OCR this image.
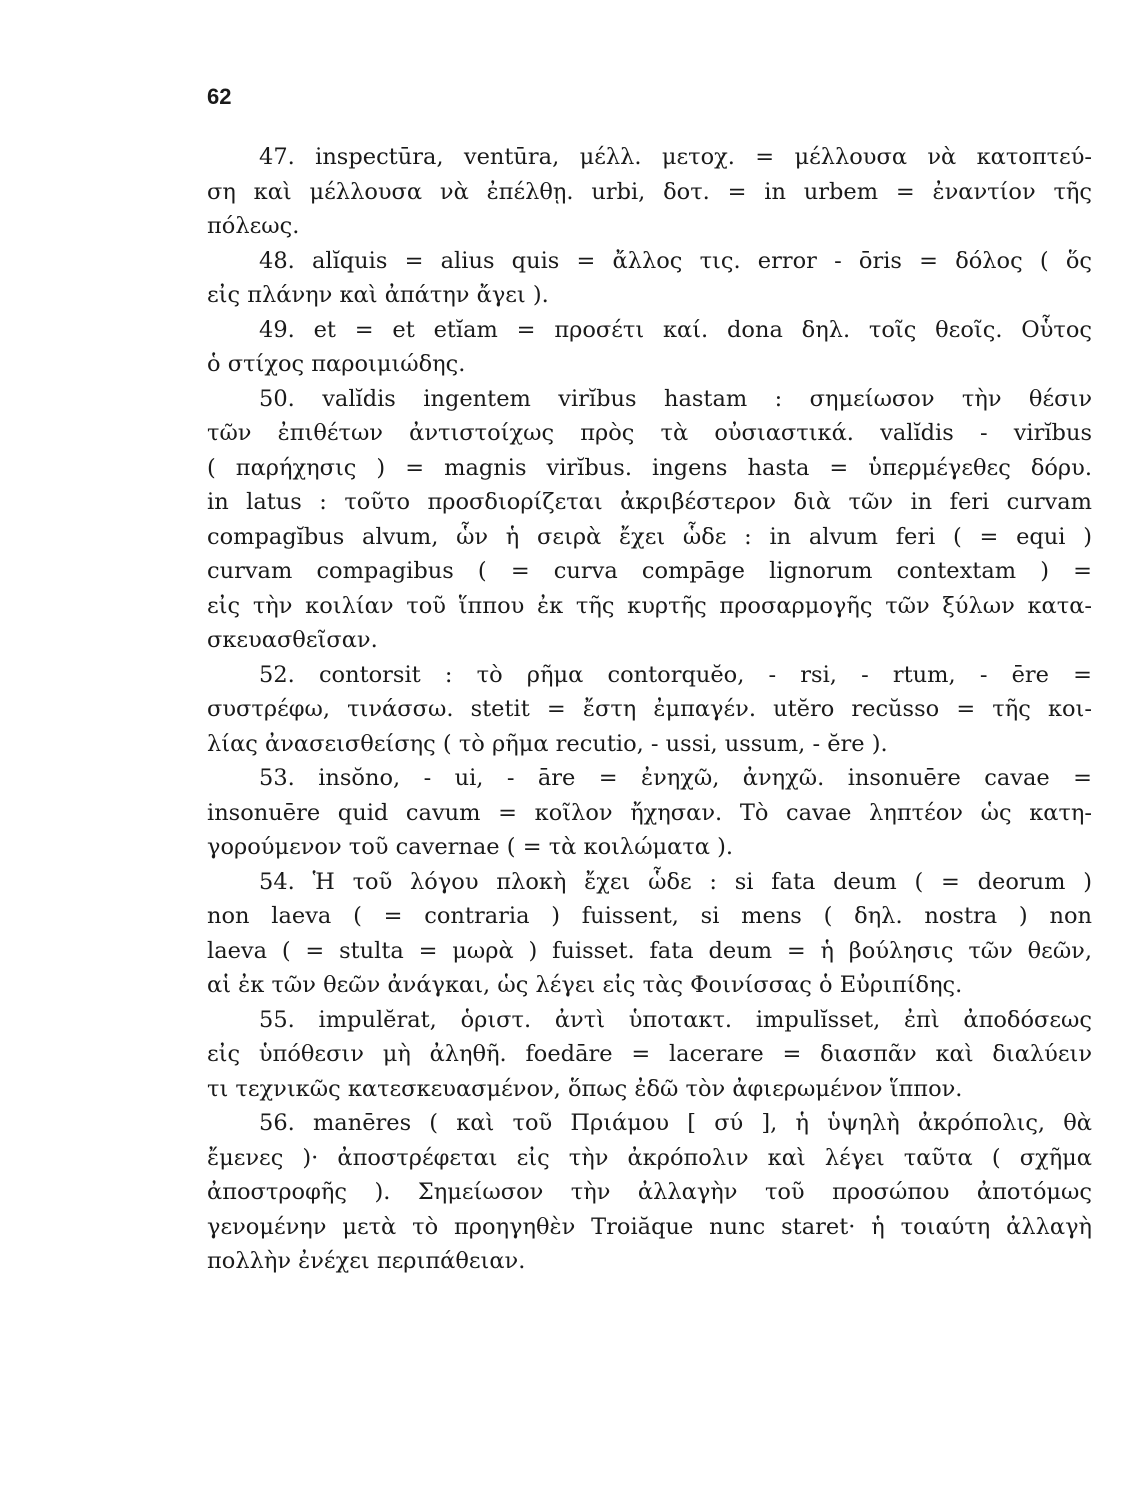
62
47. inspectūra, ventūra, μέλλ. μετοχ. = μέλλουσα νὰ κατοπτεύ-
ση καὶ μέλλουσα νὰ ἐπέλθῃ. urbi, δοτ. = in urbem = ἐναντίον τῆς
πόλεως.
48. alĭquis = alius quis = ἄλλος τις. error - ōris = δόλος ( ὅς
εἰς πλάνην καὶ ἀπάτην ἄγει ).
49. et = et etĭam = προσέτι καί. dona δηλ. τοῖς θεοῖς. Οὗτος
ὁ στίχος παροιμιώδης.
50. valĭdis ingentem virĭbus hastam : σημείωσον τὴν θέσιν
τῶν ἐπιθέτων ἀντιστοίχως πρὸς τὰ οὐσιαστικά. valĭdis - virĭbus
( παρήχησις ) = magnis virĭbus. ingens hasta = ὑπερμέγεθες δόρυ.
in latus : τοῦτο προσδιορίζεται ἀκριβέστερον διὰ τῶν in feri curvam
compagĭbus alvum, ὧν ἡ σειρὰ ἔχει ὧδε : in alvum feri ( = equi )
curvam compagibus ( = curva compāge lignorum contextam ) =
εἰς τὴν κοιλίαν τοῦ ἵππου ἐκ τῆς κυρτῆς προσαρμογῆς τῶν ξύλων κατα-
σκευασθεῖσαν.
52. contorsit : τὸ ρῆμα contorquĕo, - rsi, - rtum, - ēre =
συστρέφω, τινάσσω. stetit = ἔστη ἐμπαγέν. utĕro recŭsso = τῆς κοι-
λίας ἀνασεισθείσης ( τὸ ρῆμα recutio, - ussi, ussum, - ĕre ).
53. insŏno, - ui, - āre = ἐνηχῶ, ἀνηχῶ. insonuēre cavae =
insonuēre quid cavum = κοῖλον ἤχησαν. Τὸ cavae ληπτέον ὡς κατη-
γορούμενον τοῦ cavernae ( = τὰ κοιλώματα ).
54. Ἡ τοῦ λόγου πλοκὴ ἔχει ὧδε : si fata deum ( = deorum )
non laeva ( = contraria ) fuissent, si mens ( δηλ. nostra ) non
laeva ( = stulta = μωρὰ ) fuisset. fata deum = ἡ βούλησις τῶν θεῶν,
αἱ ἐκ τῶν θεῶν ἀνάγκαι, ὡς λέγει εἰς τὰς Φοινίσσας ὁ Εὐριπίδης.
55. impulĕrat, ὁριστ. ἀντὶ ὑποτακτ. impulĭsset, ἐπὶ ἀποδόσεως
εἰς ὑπόθεσιν μὴ ἀληθῆ. foedāre = lacerare = διασπᾶν καὶ διαλύειν
τι τεχνικῶς κατεσκευασμένον, ὅπως ἐδῶ τὸν ἀφιερωμένον ἵππον.
56. manēres ( καὶ τοῦ Πριάμου [ σύ ], ἡ ὑψηλὴ ἀκρόπολις, θὰ
ἔμενες )· ἀποστρέφεται εἰς τὴν ἀκρόπολιν καὶ λέγει ταῦτα ( σχῆμα
ἀποστροφῆς ). Σημείωσον τὴν ἀλλαγὴν τοῦ προσώπου ἀποτόμως
γενομένην μετὰ τὸ προηγηθὲν Troiăque nunc staret· ἡ τοιαύτη ἀλλαγὴ
πολλὴν ἐνέχει περιπάθειαν.
